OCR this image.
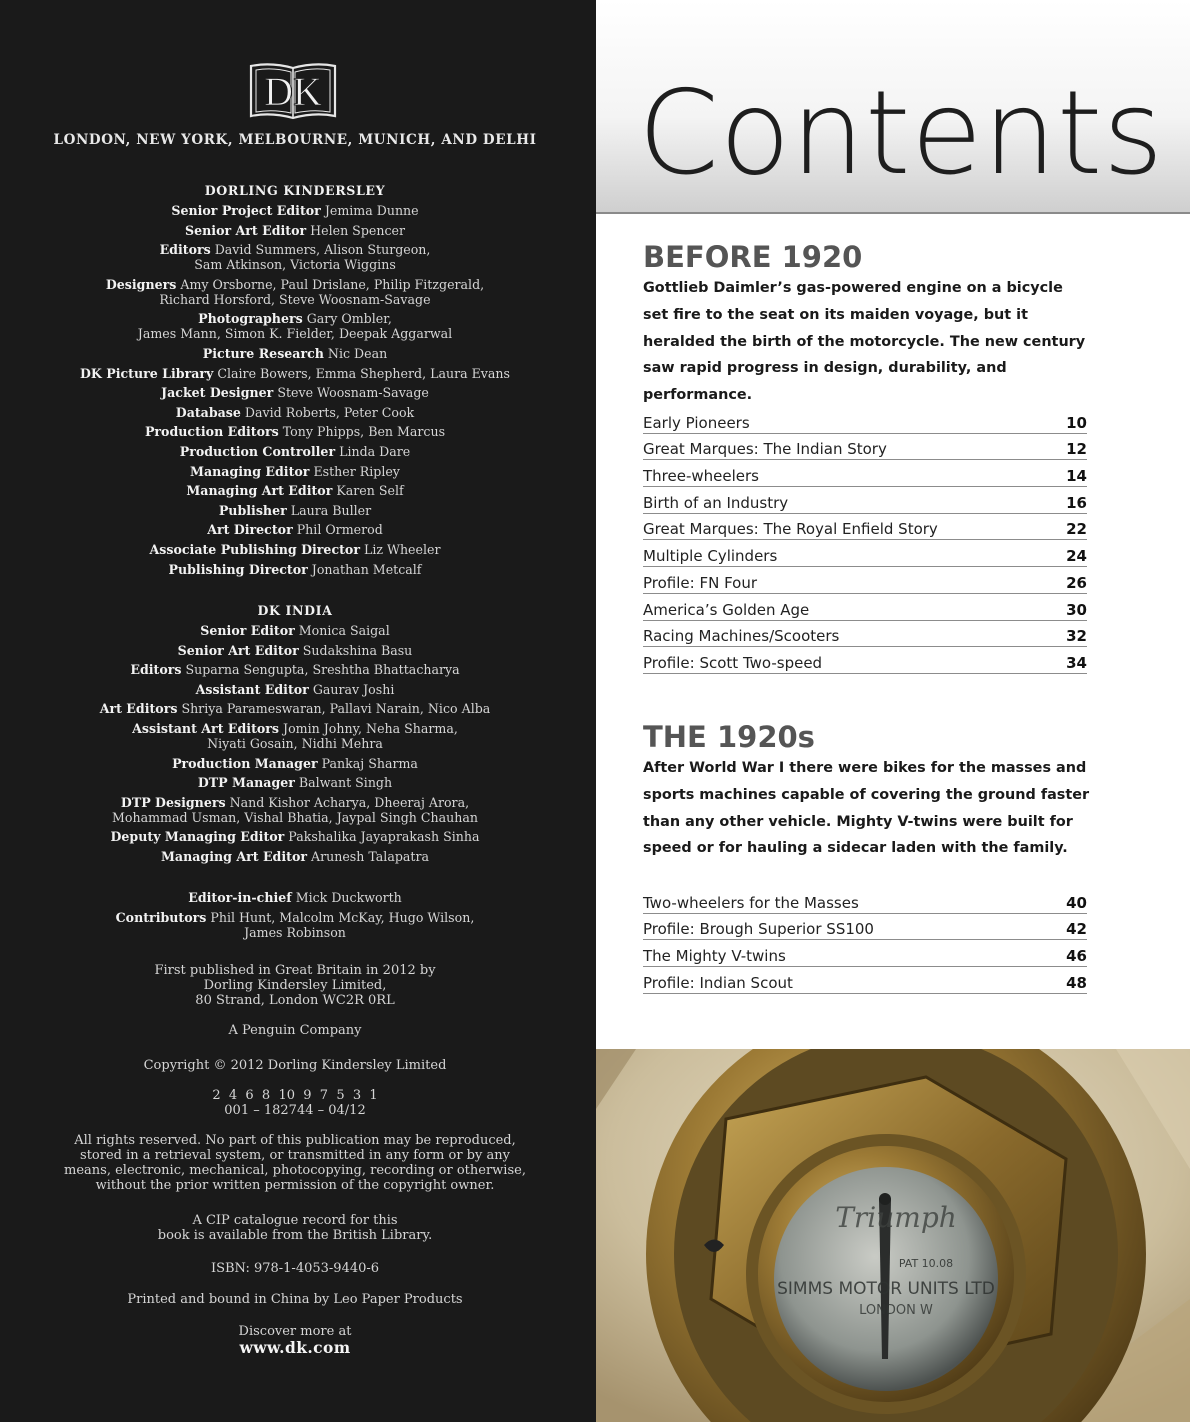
DK
LONDON, NEW YORK, MELBOURNE, MUNICH, AND DELHI
DORLING KINDERSLEY
Senior Project Editor Jemima Dunne
Senior Art Editor Helen Spencer
Editors David Summers, Alison Sturgeon,
Sam Atkinson, Victoria Wiggins
Designers Amy Orsborne, Paul Drislane, Philip Fitzgerald,
Richard Horsford, Steve Woosnam-Savage
Photographers Gary Ombler,
James Mann, Simon K. Fielder, Deepak Aggarwal
Picture Research Nic Dean
DK Picture Library Claire Bowers, Emma Shepherd, Laura Evans
Jacket Designer Steve Woosnam-Savage
Database David Roberts, Peter Cook
Production Editors Tony Phipps, Ben Marcus
Production Controller Linda Dare
Managing Editor Esther Ripley
Managing Art Editor Karen Self
Publisher Laura Buller
Art Director Phil Ormerod
Associate Publishing Director Liz Wheeler
Publishing Director Jonathan Metcalf
DK INDIA
Senior Editor Monica Saigal
Senior Art Editor Sudakshina Basu
Editors Suparna Sengupta, Sreshtha Bhattacharya
Assistant Editor Gaurav Joshi
Art Editors Shriya Parameswaran, Pallavi Narain, Nico Alba
Assistant Art Editors Jomin Johny, Neha Sharma,
Niyati Gosain, Nidhi Mehra
Production Manager Pankaj Sharma
DTP Manager Balwant Singh
DTP Designers Nand Kishor Acharya, Dheeraj Arora,
Mohammad Usman, Vishal Bhatia, Jaypal Singh Chauhan
Deputy Managing Editor Pakshalika Jayaprakash Sinha
Managing Art Editor Arunesh Talapatra
Editor-in-chief Mick Duckworth
Contributors Phil Hunt, Malcolm McKay, Hugo Wilson,
James Robinson
First published in Great Britain in 2012 by
Dorling Kindersley Limited,
80 Strand, London WC2R 0RL
A Penguin Company
Copyright © 2012 Dorling Kindersley Limited
2  4  6  8  10  9  7  5  3  1
001 – 182744 – 04/12
All rights reserved. No part of this publication may be reproduced,
stored in a retrieval system, or transmitted in any form or by any
means, electronic, mechanical, photocopying, recording or otherwise,
without the prior written permission of the copyright owner.
A CIP catalogue record for this
book is available from the British Library.
ISBN: 978-1-4053-9440-6
Printed and bound in China by Leo Paper Products
Discover more at
www.dk.com
Contents
BEFORE 1920
Gottlieb Daimler’s gas-powered engine on a bicycle set fire to the seat on its maiden voyage, but it heralded the birth of the motorcycle. The new century saw rapid progress in design, durability, and performance.
Early Pioneers	10
Great Marques: The Indian Story	12
Three-wheelers	14
Birth of an Industry	16
Great Marques: The Royal Enfield Story	22
Multiple Cylinders	24
Profile: FN Four	26
America’s Golden Age	30
Racing Machines/Scooters	32
Profile: Scott Two-speed	34
THE 1920s
After World War I there were bikes for the masses and sports machines capable of covering the ground faster than any other vehicle. Mighty V-twins were built for speed or for hauling a sidecar laden with the family.
Two-wheelers for the Masses	40
Profile: Brough Superior SS100	42
The Mighty V-twins	46
Profile: Indian Scout	48
Triumph
PAT 10.08
SIMMS MOTOR UNITS LTD
LONDON W
